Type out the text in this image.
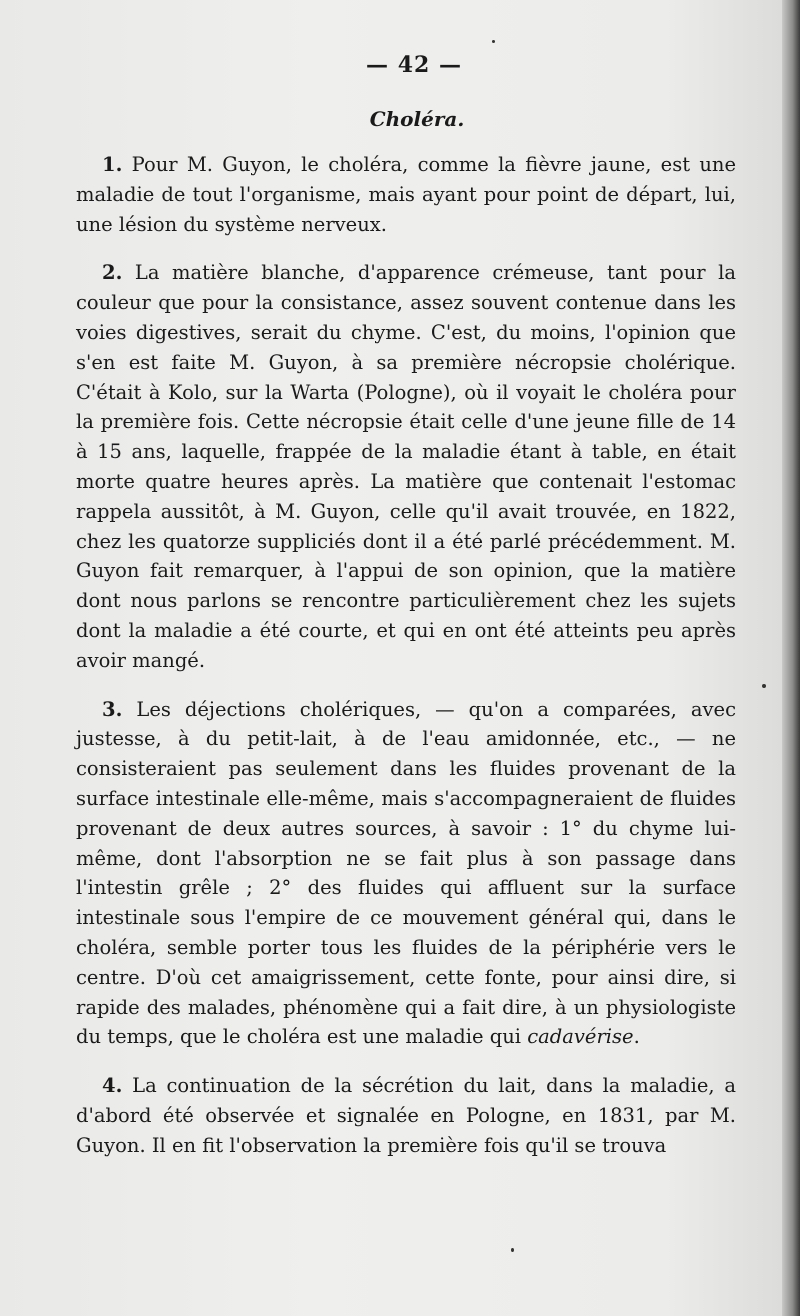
— 42 —
Choléra.

1. Pour M. Guyon, le choléra, comme la fièvre jaune, est une maladie de tout l'organisme, mais ayant pour point de départ, lui, une lésion du système nerveux.

2. La matière blanche, d'apparence crémeuse, tant pour la couleur que pour la consistance, assez souvent contenue dans les voies digestives, serait du chyme. C'est, du moins, l'opinion que s'en est faite M. Guyon, à sa première nécropsie cholérique. C'était à Kolo, sur la Warta (Pologne), où il voyait le choléra pour la première fois. Cette nécropsie était celle d'une jeune fille de 14 à 15 ans, laquelle, frappée de la maladie étant à table, en était morte quatre heures après. La matière que contenait l'estomac rappela aussitôt, à M. Guyon, celle qu'il avait trouvée, en 1822, chez les quatorze suppliciés dont il a été parlé précédemment. M. Guyon fait remarquer, à l'appui de son opinion, que la matière dont nous parlons se rencontre particulièrement chez les sujets dont la maladie a été courte, et qui en ont été atteints peu après avoir mangé.

3. Les déjections cholériques, — qu'on a comparées, avec justesse, à du petit-lait, à de l'eau amidonnée, etc., — ne consisteraient pas seulement dans les fluides provenant de la surface intestinale elle-même, mais s'accompagneraient de fluides provenant de deux autres sources, à savoir : 1° du chyme lui-même, dont l'absorption ne se fait plus à son passage dans l'intestin grêle ; 2° des fluides qui affluent sur la surface intestinale sous l'empire de ce mouvement général qui, dans le choléra, semble porter tous les fluides de la périphérie vers le centre. D'où cet amaigrissement, cette fonte, pour ainsi dire, si rapide des malades, phénomène qui a fait dire, à un physiologiste du temps, que le choléra est une maladie qui cadavérise.

4. La continuation de la sécrétion du lait, dans la maladie, a d'abord été observée et signalée en Pologne, en 1831, par M. Guyon. Il en fit l'observation la première fois qu'il se trouva
